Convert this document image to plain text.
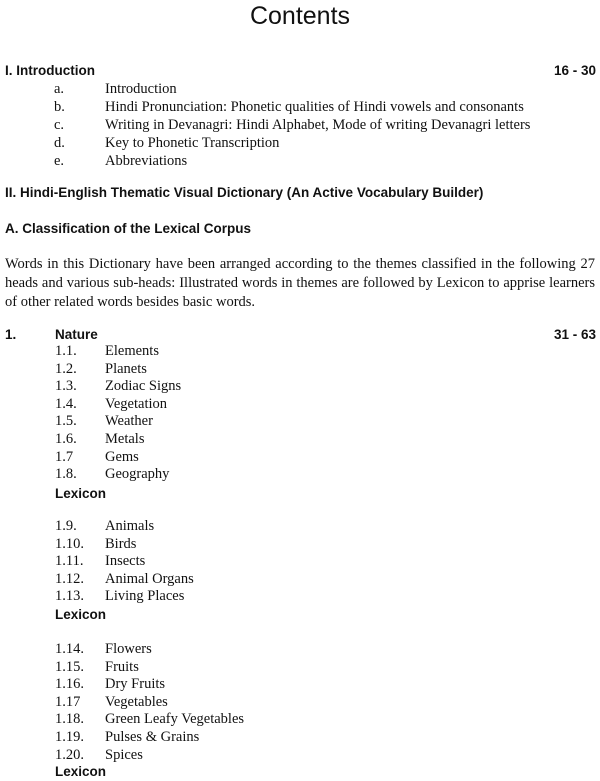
Contents
I. Introduction	16 - 30
a.	Introduction
b.	Hindi Pronunciation: Phonetic qualities of Hindi vowels and consonants
c.	Writing in Devanagri: Hindi Alphabet, Mode of writing Devanagri letters
d.	Key to Phonetic Transcription
e.	Abbreviations
II. Hindi-English Thematic Visual Dictionary (An Active Vocabulary Builder)
A. Classification of the Lexical Corpus

Words in this Dictionary have been arranged according to the themes classified in the following 27 heads and various sub-heads: Illustrated words in themes are followed by Lexicon to apprise learners of other related words besides basic words.

1.	Nature	31 - 63
1.1. Elements
1.2. Planets
1.3. Zodiac Signs
1.4. Vegetation
1.5. Weather
1.6. Metals
1.7 Gems
1.8. Geography
Lexicon
1.9. Animals
1.10. Birds
1.11. Insects
1.12. Animal Organs
1.13. Living Places
Lexicon
1.14. Flowers
1.15. Fruits
1.16. Dry Fruits
1.17 Vegetables
1.18. Green Leafy Vegetables
1.19. Pulses & Grains
1.20. Spices
Lexicon
